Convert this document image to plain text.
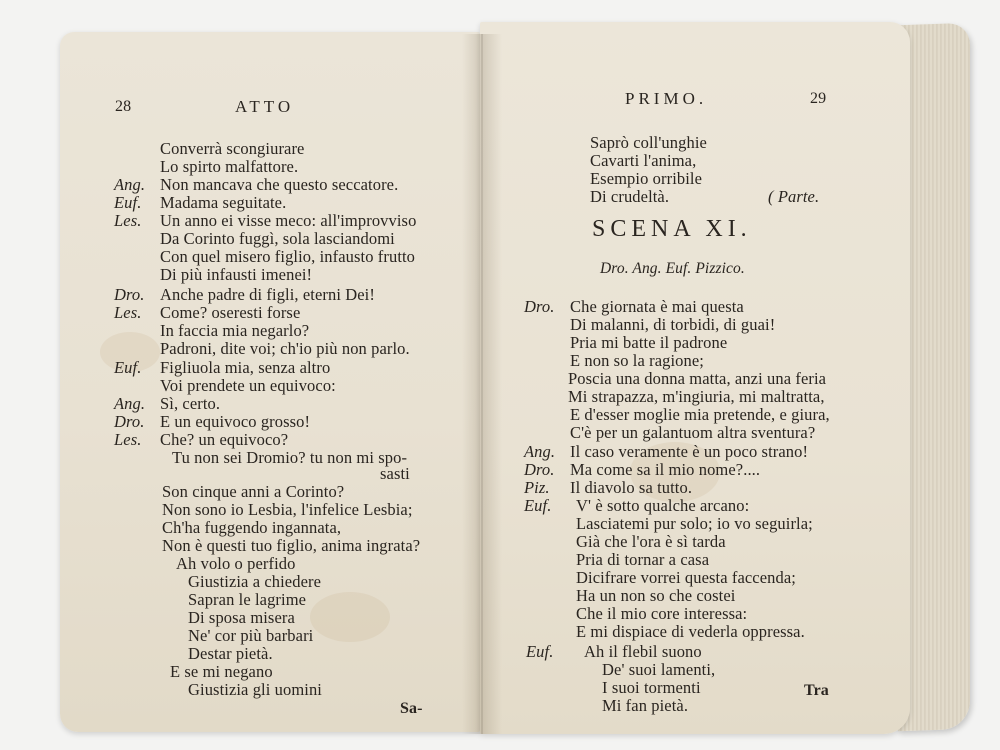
28	ATTO
Converrà scongiurare
Lo spirto malfattore.
Ang. Non mancava che questo seccatore.
Euf. Madama seguitate.
Les. Un anno ei visse meco: all'improvviso
Da Corinto fuggì, sola lasciandomi
Con quel misero figlio, infausto frutto
Di più infausti imenei!
Dro. Anche padre di figli, eterni Dei!
Les. Come? oseresti forse
In faccia mia negarlo?
Padroni, dite voi; ch'io più non parlo.
Euf. Figliuola mia, senza altro
Voi prendete un equivoco:
Ang. Sì, certo.
Dro. E un equivoco grosso!
Les. Che? un equivoco?
Tu non sei Dromio? tu non mi spo-
sasti
Son cinque anni a Corinto?
Non sono io Lesbia, l'infelice Lesbia;
Ch'ha fuggendo ingannata,
Non è questi tuo figlio, anima ingrata?
Ah volo o perfido
Giustizia a chiedere
Sapran le lagrime
Di sposa misera
Ne' cor più barbari
Destar pietà.
E se mi negano
Giustizia gli uomini
Sa-
PRIMO.	29
Saprò coll'unghie
Cavarti l'anima,
Esempio orribile
Di crudeltà.	( Parte.
SCENA XI.
Dro. Ang. Euf. Pizzico.
Dro. Che giornata è mai questa
Di malanni, di torbidi, di guai!
Pria mi batte il padrone
E non so la ragione;
Poscia una donna matta, anzi una feria
Mi strapazza, m'ingiuria, mi maltratta,
E d'esser moglie mia pretende, e giura,
C'è per un galantuom altra sventura?
Ang. Il caso veramente è un poco strano!
Dro. Ma come sa il mio nome?....
Piz. Il diavolo sa tutto.
Euf. V' è sotto qualche arcano:
Lasciatemi pur solo; io vo seguirla;
Già che l'ora è sì tarda
Pria di tornar a casa
Dicifrare vorrei questa faccenda;
Ha un non so che costei
Che il mio core interessa:
E mi dispiace di vederla oppressa.
Euf. Ah il flebil suono
De' suoi lamenti,
I suoi tormenti
Mi fan pietà.
Tra
